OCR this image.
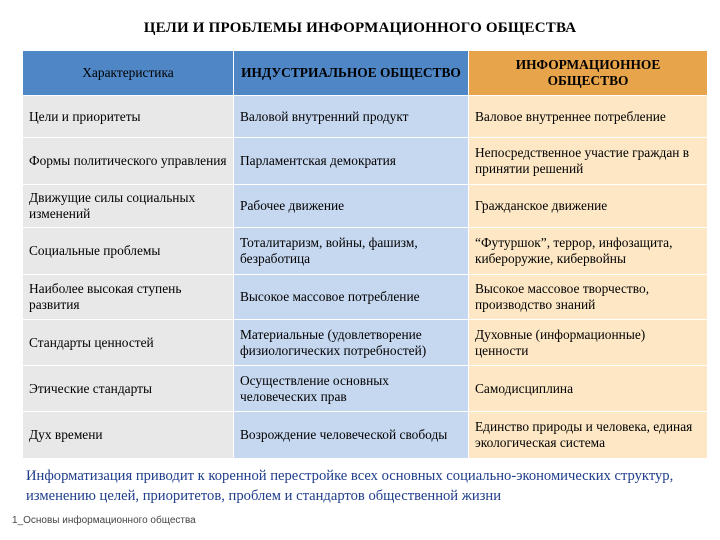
ЦЕЛИ И ПРОБЛЕМЫ ИНФОРМАЦИОННОГО ОБЩЕСТВА
Характеристика	ИНДУСТРИАЛЬНОЕ ОБЩЕСТВО	ИНФОРМАЦИОННОЕ ОБЩЕСТВО
Цели и приоритеты	Валовой внутренний продукт	Валовое внутреннее потребление
Формы политического управления	Парламентская демократия	Непосредственное участие граждан в принятии решений
Движущие силы социальных изменений	Рабочее движение	Гражданское движение
Социальные проблемы	Тоталитаризм, войны, фашизм, безработица	“Футуршок”, террор, инфозащита, кибероружие, кибервойны
Наиболее высокая ступень развития	Высокое массовое потребление	Высокое массовое творчество, производство знаний
Стандарты ценностей	Материальные (удовлетворение физиологических потребностей)	Духовные (информационные) ценности
Этические стандарты	Осуществление основных человеческих прав	Самодисциплина
Дух времени	Возрождение человеческой свободы	Единство природы и человека, единая экологическая система
Информатизация приводит к коренной перестройке всех основных социально-экономических структур, изменению целей, приоритетов, проблем и стандартов общественной жизни
1_Основы информационного общества
